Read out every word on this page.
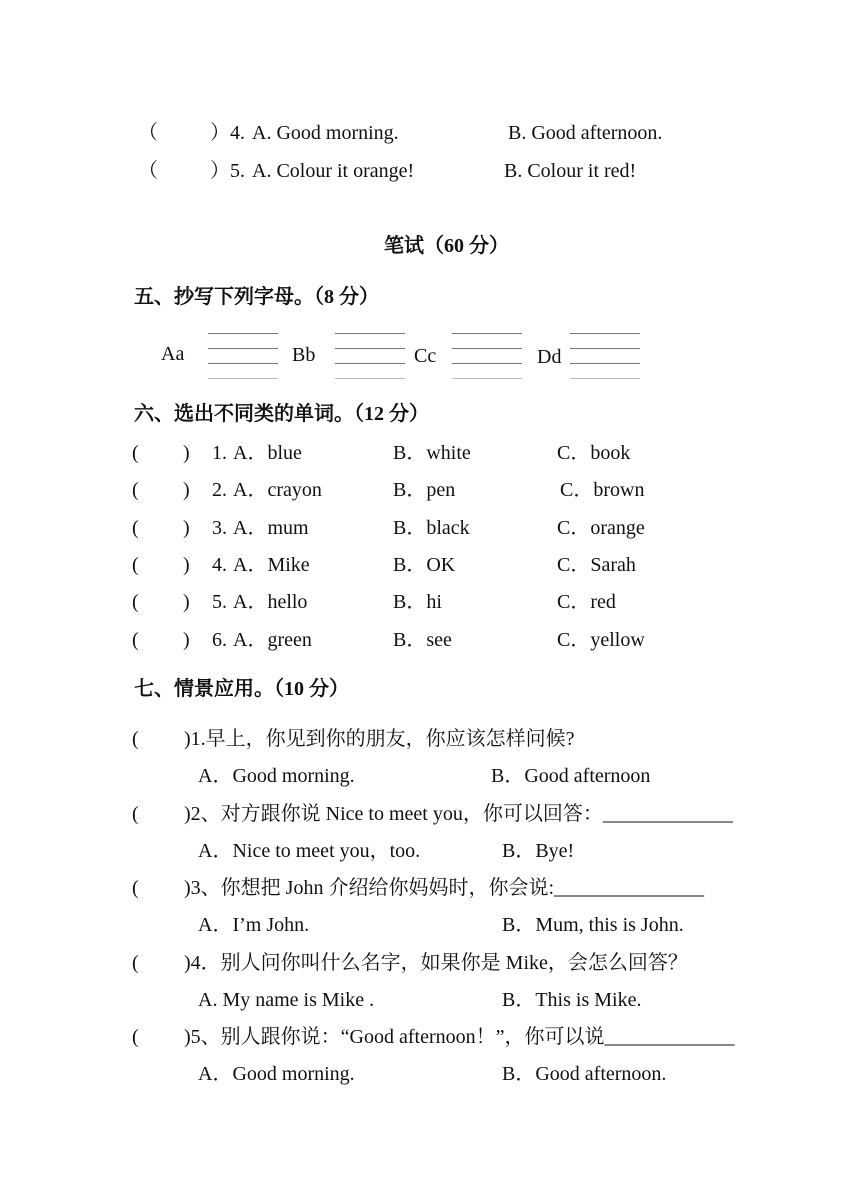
（	） 4. A. Good morning.	B. Good afternoon.
（	） 5. A. Colour it orange!	B. Colour it red!
笔试（60 分）
五、抄写下列字母。（8 分）
Aa	Bb	Cc	Dd
六、选出不同类的单词。（12 分）
( ) 1. A．blue	B．white	C．book
( ) 2. A．crayon	B．pen	C．brown
( ) 3. A．mum	B．black	C．orange
( ) 4. A．Mike	B．OK	C．Sarah
( ) 5. A．hello	B．hi	C．red
( ) 6. A．green	B．see	C．yellow
七、情景应用。（10 分）
( )1.早上，你见到你的朋友，你应该怎样问候?
A．Good morning.	B．Good afternoon
( )2、对方跟你说 Nice to meet you，你可以回答：_____________
A．Nice to meet you，too.	B．Bye!
( )3、你想把 John 介绍给你妈妈时，你会说:_______________
A．I’m John.	B．Mum, this is John.
( )4．别人问你叫什么名字，如果你是 Mike，会怎么回答？
A. My name is Mike .	B．This is Mike.
( )5、别人跟你说：“Good afternoon！”，你可以说_____________
A．Good morning.	B．Good afternoon.
